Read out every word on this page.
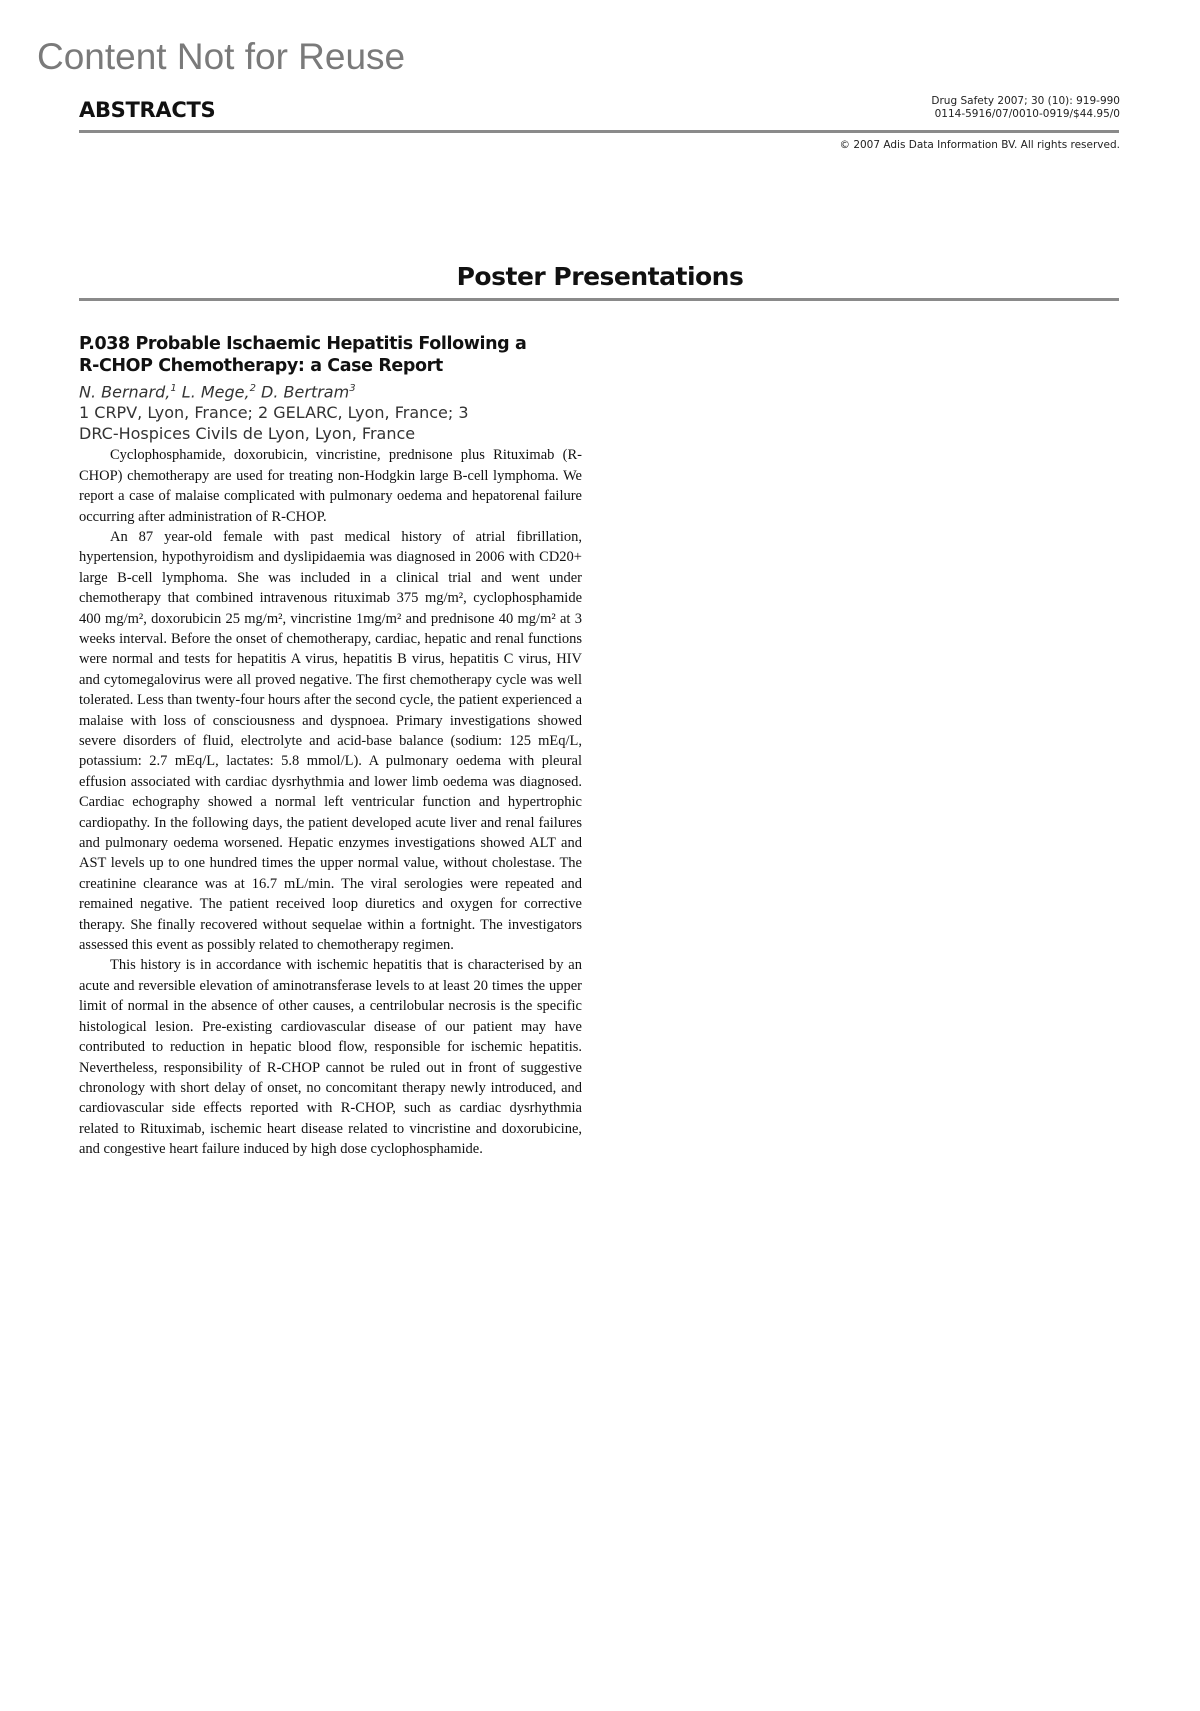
Content Not for Reuse
ABSTRACTS	Drug Safety 2007; 30 (10): 919-990
0114-5916/07/0010-0919/$44.95/0
© 2007 Adis Data Information BV. All rights reserved.
Poster Presentations
P.038 Probable Ischaemic Hepatitis Following a
R-CHOP Chemotherapy: a Case Report
N. Bernard,$^1$ L. Mege,$^2$ D. Bertram$^3$
1 CRPV, Lyon, France; 2 GELARC, Lyon, France; 3
DRC-Hospices Civils de Lyon, Lyon, France

Cyclophosphamide, doxorubicin, vincristine, prednisone plus Rituximab (R-CHOP) chemotherapy are used for treating non-Hodgkin large B-cell lymphoma. We report a case of malaise complicated with pulmonary oedema and hepatorenal failure occurring after administration of R-CHOP.

An 87 year-old female with past medical history of atrial fibrillation, hypertension, hypothyroidism and dyslipidaemia was diagnosed in 2006 with CD20+ large B-cell lymphoma. She was included in a clinical trial and went under chemotherapy that combined intravenous rituximab 375 mg/m², cyclophosphamide 400 mg/m², doxorubicin 25 mg/m², vincristine 1mg/m² and prednisone 40 mg/m² at 3 weeks interval. Before the onset of chemotherapy, cardiac, hepatic and renal functions were normal and tests for hepatitis A virus, hepatitis B virus, hepatitis C virus, HIV and cytomegalovirus were all proved negative. The first chemotherapy cycle was well tolerated. Less than twenty-four hours after the second cycle, the patient experienced a malaise with loss of consciousness and dyspnoea. Primary investigations showed severe disorders of fluid, electrolyte and acid-base balance (sodium: 125 mEq/L, potassium: 2.7 mEq/L, lactates: 5.8 mmol/L). A pulmonary oedema with pleural effusion associated with cardiac dysrhythmia and lower limb oedema was diagnosed. Cardiac echography showed a normal left ventricular function and hypertrophic cardiopathy. In the following days, the patient developed acute liver and renal failures and pulmonary oedema worsened. Hepatic enzymes investigations showed ALT and AST levels up to one hundred times the upper normal value, without cholestase. The creatinine clearance was at 16.7 mL/min. The viral serologies were repeated and remained negative. The patient received loop diuretics and oxygen for corrective therapy. She finally recovered without sequelae within a fortnight. The investigators assessed this event as possibly related to chemotherapy regimen.

This history is in accordance with ischemic hepatitis that is characterised by an acute and reversible elevation of aminotransferase levels to at least 20 times the upper limit of normal in the absence of other causes, a centrilobular necrosis is the specific histological lesion. Pre-existing cardiovascular disease of our patient may have contributed to reduction in hepatic blood flow, responsible for ischemic hepatitis. Nevertheless, responsibility of R-CHOP cannot be ruled out in front of suggestive chronology with short delay of onset, no concomitant therapy newly introduced, and cardiovascular side effects reported with R-CHOP, such as cardiac dysrhythmia related to Rituximab, ischemic heart disease related to vincristine and doxorubicine, and congestive heart failure induced by high dose cyclophosphamide.
